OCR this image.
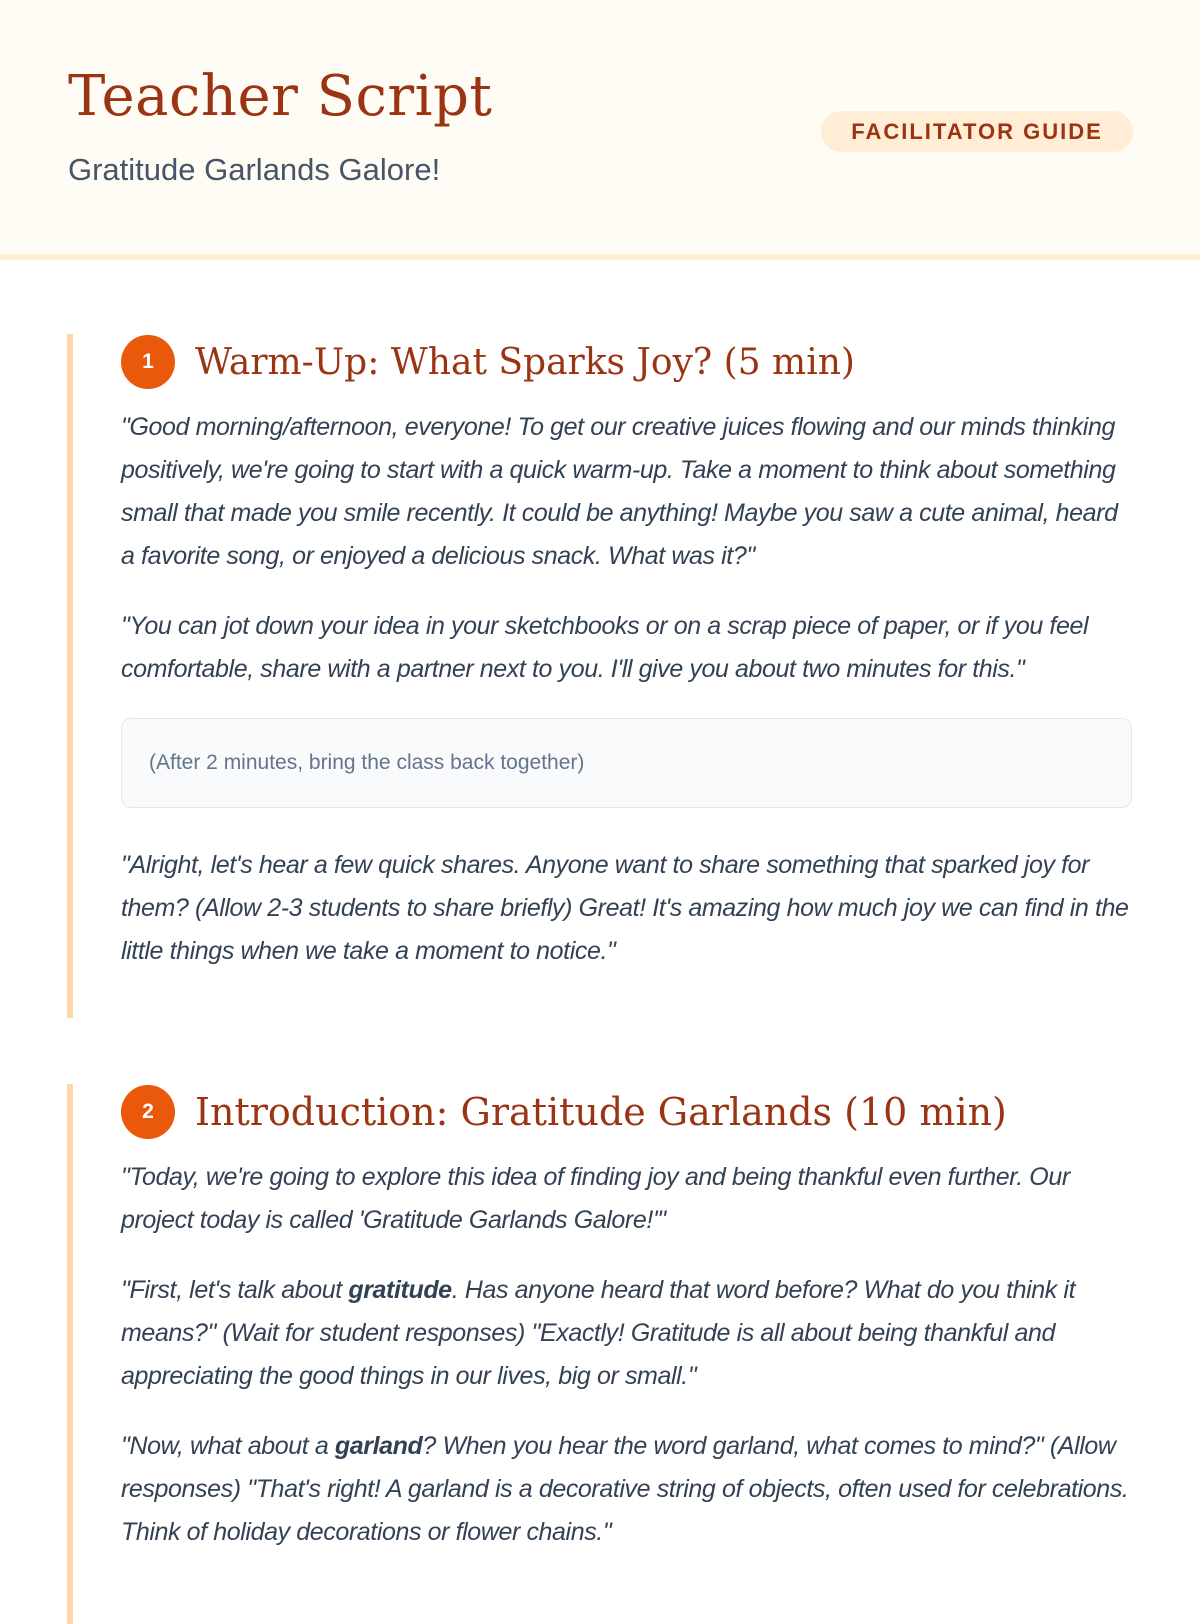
Teacher Script

Gratitude Garlands Galore!

FACILITATOR GUIDE
1	Warm-Up: What Sparks Joy? (5 min)

"Good morning/afternoon, everyone! To get our creative juices flowing and our minds thinking positively, we're going to start with a quick warm-up. Take a moment to think about something small that made you smile recently. It could be anything! Maybe you saw a cute animal, heard a favorite song, or enjoyed a delicious snack. What was it?"

"You can jot down your idea in your sketchbooks or on a scrap piece of paper, or if you feel comfortable, share with a partner next to you. I'll give you about two minutes for this."

(After 2 minutes, bring the class back together)

"Alright, let's hear a few quick shares. Anyone want to share something that sparked joy for them? (Allow 2-3 students to share briefly) Great! It's amazing how much joy we can find in the little things when we take a moment to notice."

2	Introduction: Gratitude Garlands (10 min)

"Today, we're going to explore this idea of finding joy and being thankful even further. Our project today is called 'Gratitude Garlands Galore!'"

"First, let's talk about gratitude. Has anyone heard that word before? What do you think it means?" (Wait for student responses) "Exactly! Gratitude is all about being thankful and appreciating the good things in our lives, big or small."

"Now, what about a garland? When you hear the word garland, what comes to mind?" (Allow responses) "That's right! A garland is a decorative string of objects, often used for celebrations. Think of holiday decorations or flower chains."
